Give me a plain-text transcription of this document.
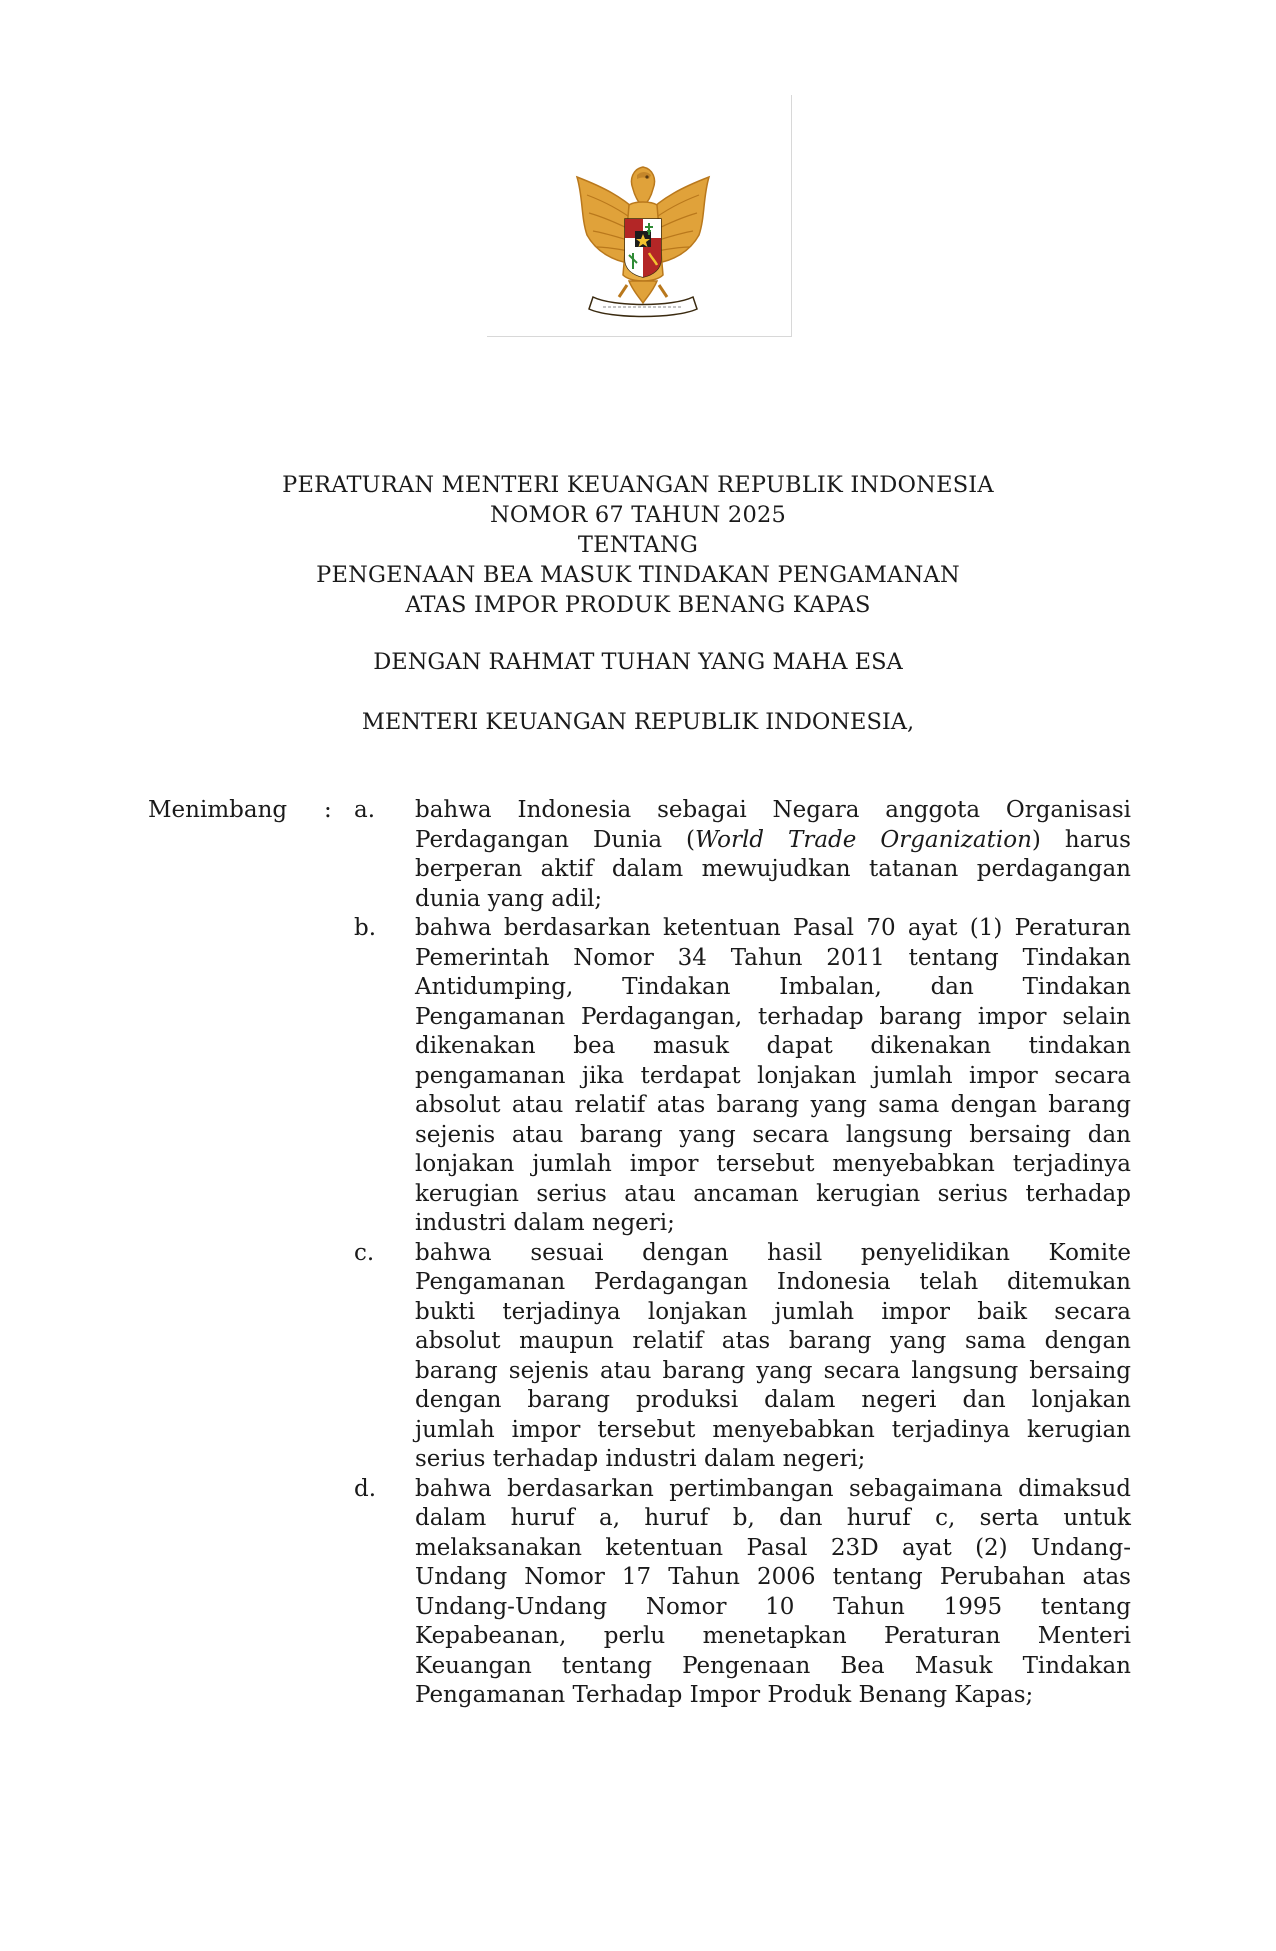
PERATURAN MENTERI KEUANGAN REPUBLIK INDONESIA
NOMOR 67 TAHUN 2025
TENTANG
PENGENAAN BEA MASUK TINDAKAN PENGAMANAN
ATAS IMPOR PRODUK BENANG KAPAS
DENGAN RAHMAT TUHAN YANG MAHA ESA
MENTERI KEUANGAN REPUBLIK INDONESIA,
Menimbang : a. bahwa Indonesia sebagai Negara anggota Organisasi
Perdagangan Dunia (World Trade Organization) harus
berperan aktif dalam mewujudkan tatanan perdagangan
dunia yang adil;
b. bahwa berdasarkan ketentuan Pasal 70 ayat (1) Peraturan
Pemerintah Nomor 34 Tahun 2011 tentang Tindakan
Antidumping, Tindakan Imbalan, dan Tindakan
Pengamanan Perdagangan, terhadap barang impor selain
dikenakan bea masuk dapat dikenakan tindakan
pengamanan jika terdapat lonjakan jumlah impor secara
absolut atau relatif atas barang yang sama dengan barang
sejenis atau barang yang secara langsung bersaing dan
lonjakan jumlah impor tersebut menyebabkan terjadinya
kerugian serius atau ancaman kerugian serius terhadap
industri dalam negeri;
c. bahwa sesuai dengan hasil penyelidikan Komite
Pengamanan Perdagangan Indonesia telah ditemukan
bukti terjadinya lonjakan jumlah impor baik secara
absolut maupun relatif atas barang yang sama dengan
barang sejenis atau barang yang secara langsung bersaing
dengan barang produksi dalam negeri dan lonjakan
jumlah impor tersebut menyebabkan terjadinya kerugian
serius terhadap industri dalam negeri;
d. bahwa berdasarkan pertimbangan sebagaimana dimaksud
dalam huruf a, huruf b, dan huruf c, serta untuk
melaksanakan ketentuan Pasal 23D ayat (2) Undang-
Undang Nomor 17 Tahun 2006 tentang Perubahan atas
Undang-Undang Nomor 10 Tahun 1995 tentang
Kepabeanan, perlu menetapkan Peraturan Menteri
Keuangan tentang Pengenaan Bea Masuk Tindakan
Pengamanan Terhadap Impor Produk Benang Kapas;
